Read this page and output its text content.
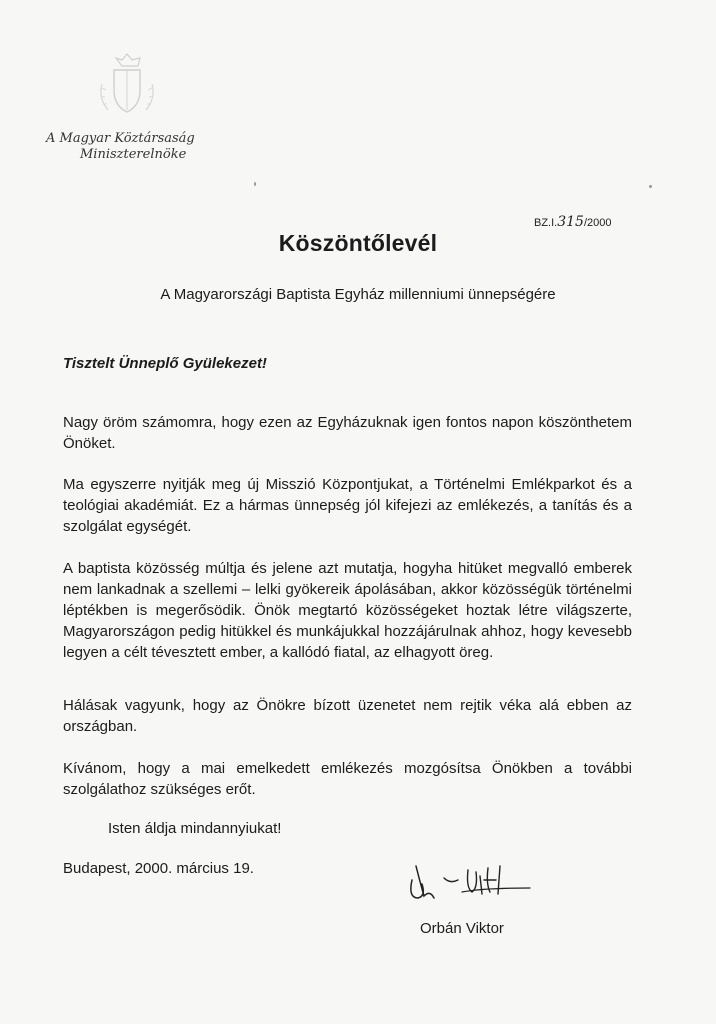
A Magyar Köztársaság
Miniszterelnöke
BZ.I.315/2000
Köszöntőlevél
A Magyarországi Baptista Egyház millenniumi ünnepségére
Tisztelt Ünneplő Gyülekezet!
Nagy öröm számomra, hogy ezen az Egyházuknak igen fontos napon köszönthetem Önöket.
Ma egyszerre nyitják meg új Misszió Központjukat, a Történelmi Emlékparkot és a teológiai akadémiát. Ez a hármas ünnepség jól kifejezi az emlékezés, a tanítás és a szolgálat egységét.
A baptista közösség múltja és jelene azt mutatja, hogyha hitüket megvalló emberek nem lankadnak a szellemi – lelki gyökereik ápolásában, akkor közösségük történelmi léptékben is megerősödik. Önök megtartó közösségeket hoztak létre világszerte, Magyarországon pedig hitükkel és munkájukkal hozzájárulnak ahhoz, hogy kevesebb legyen a célt tévesztett ember, a kallódó fiatal, az elhagyott öreg.
Hálásak vagyunk, hogy az Önökre bízott üzenetet nem rejtik véka alá ebben az országban.
Kívánom, hogy a mai emelkedett emlékezés mozgósítsa Önökben a további szolgálathoz szükséges erőt.
Isten áldja mindannyiukat!
Budapest, 2000. március 19.
Orbán Viktor
